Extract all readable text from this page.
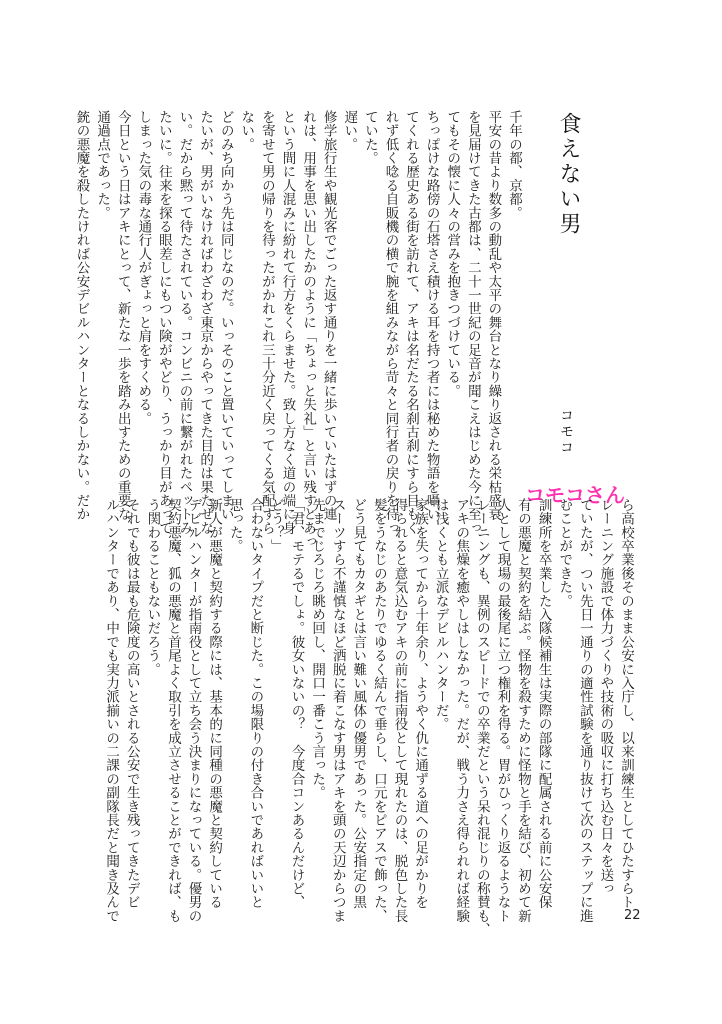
食えない男
コモコ

千年の都、京都。

平安の昔より数多の動乱や太平の舞台となり繰り返される栄枯盛衰

を見届けてきた古都は、二十一世紀の足音が聞こえはじめた今に至っ

てもその懐に人々の営みを抱きつづけている。

ちっぽけな路傍の石塔さえ積ける耳を持つ者には秘めた物語を囁い

てくれる歴史ある街を訪れて、アキは名だたる名刹古刹にすら目もく

れず低く唸る自販機の横で腕を組みながら苛々と同行者の戻りを待っ

ていた。

遅い。

修学旅行生や観光客でごった返す通りを一緒に歩いていたはずの連

れは、用事を思い出したかのように「ちょっと失礼」と言い残すとあっ

という間に人混みに紛れて行方をくらませた。致し方なく道の端に身

を寄せて男の帰りを待ったがかれこれ三十分近く戻ってくる気配すら

ない。

どのみち向かう先は同じなのだ。いっそのこと置いていってしまい

たいが、男がいなければわざわざ東京からやってきた目的は果たせな

い。だから黙って待たされている。コンビニの前に繋がれたペットみ

たいに。往来を探る眼差しにもつい険がやどり、うっかり目があって

しまった気の毒な通行人がぎょっと肩をすくめる。

今日という日はアキにとって、新たな一歩を踏み出すための重要な

通過点であった。

銃の悪魔を殺したければ公安デビルハンターとなるしかない。だか	コモコさん

ら高校卒業後そのまま公安に入庁し、以来訓練生としてひたすらト

レーニング施設で体力づくりや技術の吸収に打ち込む日々を送っ

ていたが、つい先日一通りの適性試験を通り抜けて次のステップに進

むことができた。

訓練所を卒業した入隊候補生は実際の部隊に配属される前に公安保

有の悪魔と契約を結ぶ。怪物を殺すために怪物と手を結び、初めて新

人として現場の最後尾に立つ権利を得る。胃がひっくり返るようなト

レーニングも、異例のスピードでの卒業だという呆れ混じりの称賛も、

アキの焦燥を癒やしはしなかった。だが、戦う力さえ得られれば経験

は浅くとも立派なデビルハンターだ。

家族を失ってから十年余り、ようやく仇に通ずる道への足がかりを

得られると意気込むアキの前に指南役として現れたのは、脱色した長

髪をうなじのあたりでゆるく結んで垂らし、口元をピアスで飾った、

どう見てもカタギとは言い難い風体の優男であった。公安指定の黒

スーツすら不謹慎なほど洒脱に着こなす男はアキを頭の天辺からつま

先までじろじろ眺め回し、開口一番こう言った。

「君、モテるでしょ。彼女いないの？　今度合コンあるんだけど、

どう？」

合わないタイプだと断じた。この場限りの付き合いであればいいと

思った。

新人が悪魔と契約する際には、基本的に同種の悪魔と契約している

デビルハンターが指南役として立ち会う決まりになっている。優男の

契約悪魔、狐の悪魔と首尾よく取引を成立させることができれば、も

う関わることもないだろう。

それでも彼は最も危険度の高いとされる公安で生き残ってきたデビ

ルハンターであり、中でも実力派揃いの二課の副隊長だと聞き及んで	22
